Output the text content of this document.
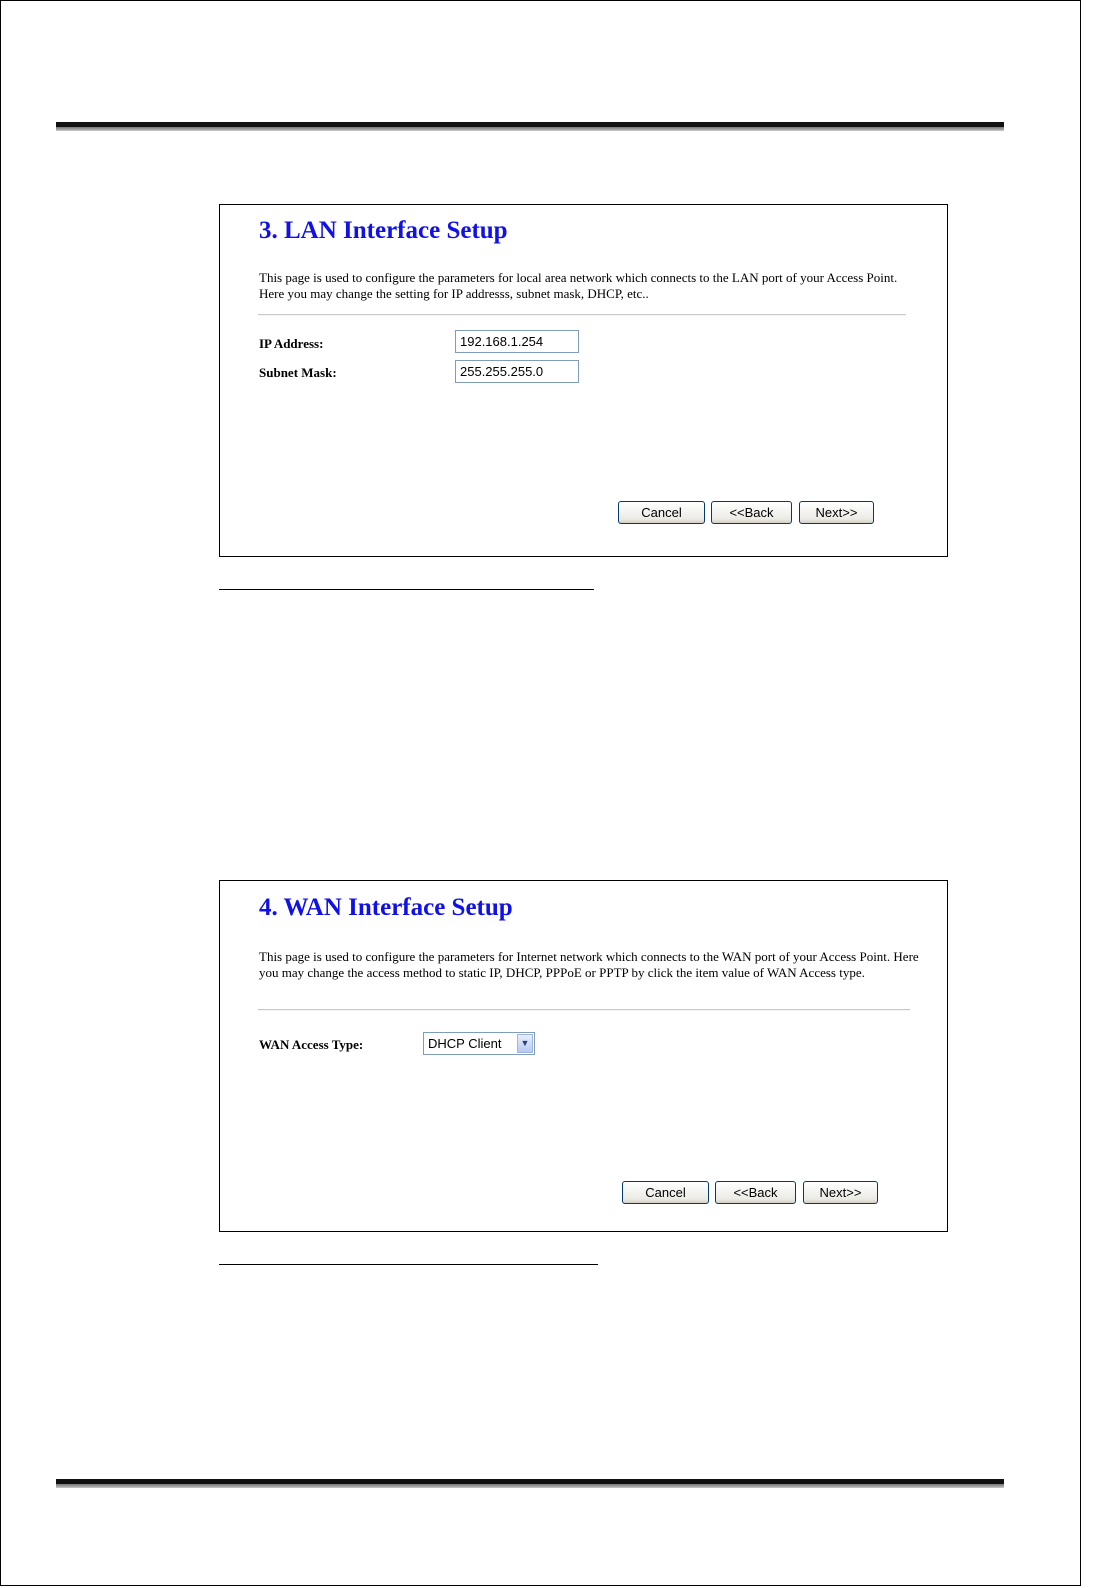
3. LAN Interface Setup

This page is used to configure the parameters for local area network which connects to the LAN port of your Access Point. Here you may change the setting for IP addresss, subnet mask, DHCP, etc..

IP Address:
192.168.1.254
Subnet Mask:
255.255.255.0
Cancel	<<Back	Next>>
4. WAN Interface Setup

This page is used to configure the parameters for Internet network which connects to the WAN port of your Access Point. Here you may change the access method to static IP, DHCP, PPPoE or PPTP by click the item value of WAN Access type.

WAN Access Type:	DHCP Client	▼
Cancel	<<Back	Next>>
